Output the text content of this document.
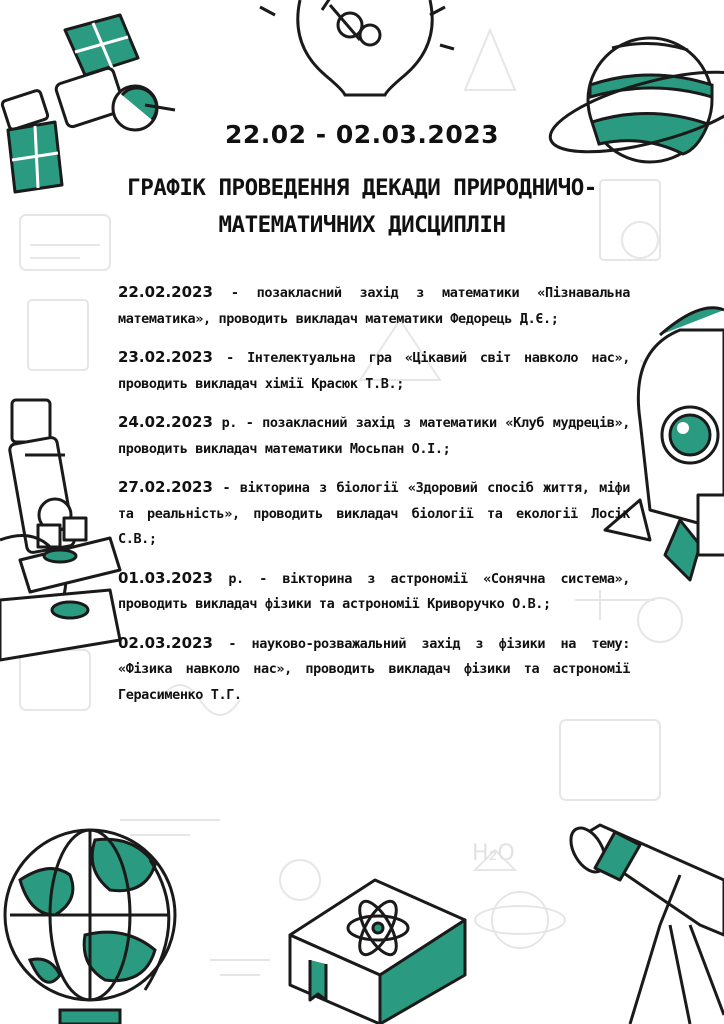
H₂O
22.02 - 02.03.2023
ГРАФІК ПРОВЕДЕННЯ ДЕКАДИ ПРИРОДНИЧО-
МАТЕМАТИЧНИХ ДИСЦИПЛІН

22.02.2023 - позакласний захід з математики «Пізнавальна математика», проводить викладач математики Федорець Д.Є.;

23.02.2023 - Інтелектуальна гра «Цікавий світ навколо нас», проводить викладач хімії Красюк Т.В.;

24.02.2023 р. - позакласний захід з математики «Клуб мудреців», проводить викладач математики Мосьпан О.І.;

27.02.2023 - вікторина з біології «Здоровий спосіб життя, міфи та реальність», проводить викладач біології та екології Лосік С.В.;

01.03.2023 р. - вікторина з астрономії «Сонячна система», проводить викладач фізики та астрономії Криворучко О.В.;

02.03.2023 - науково-розважальний захід з фізики на тему: «Фізика навколо нас», проводить викладач фізики та астрономії Герасименко Т.Г.
